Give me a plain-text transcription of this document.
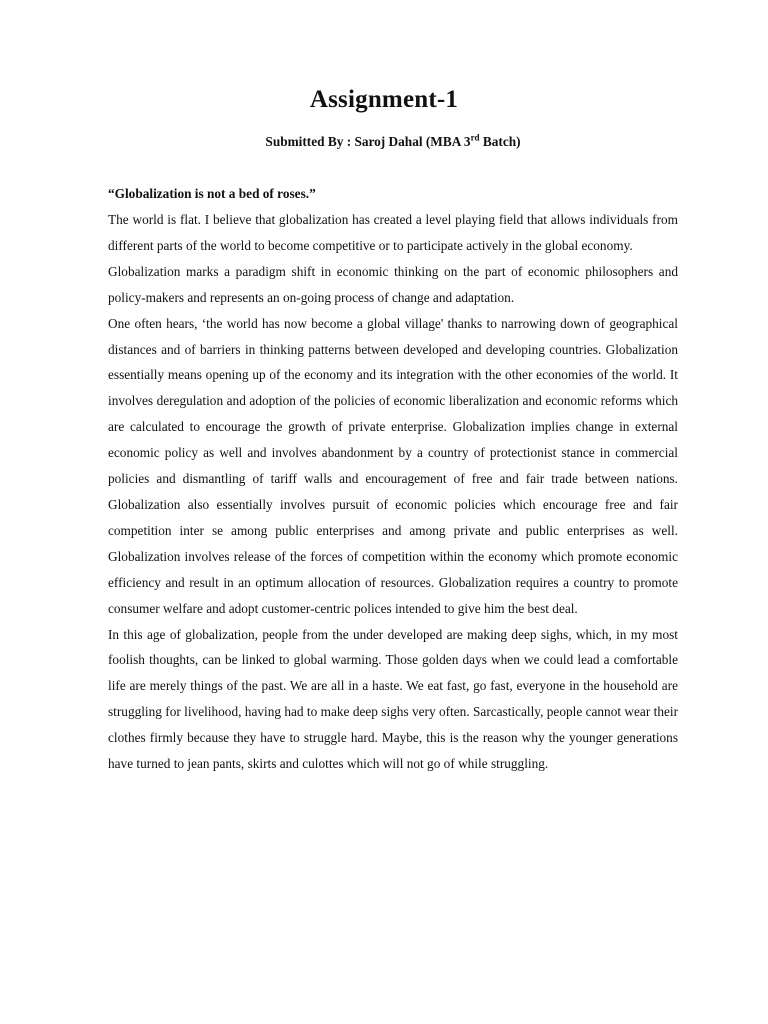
Assignment-1
Submitted By : Saroj Dahal (MBA 3rd Batch)

“Globalization is not a bed of roses.”

The world is flat. I believe that globalization has created a level playing field that allows individuals from different parts of the world to become competitive or to participate actively in the global economy.

Globalization marks a paradigm shift in economic thinking on the part of economic philosophers and policy-makers and represents an on-going process of change and adaptation.

One often hears, ‘the world has now become a global village' thanks to narrowing down of geographical distances and of barriers in thinking patterns between developed and developing countries. Globalization essentially means opening up of the economy and its integration with the other economies of the world. It involves deregulation and adoption of the policies of economic liberalization and economic reforms which are calculated to encourage the growth of private enterprise. Globalization implies change in external economic policy as well and involves abandonment by a country of protectionist stance in commercial policies and dismantling of tariff walls and encouragement of free and fair trade between nations. Globalization also essentially involves pursuit of economic policies which encourage free and fair competition inter se among public enterprises and among private and public enterprises as well. Globalization involves release of the forces of competition within the economy which promote economic efficiency and result in an optimum allocation of resources. Globalization requires a country to promote consumer welfare and adopt customer-centric polices intended to give him the best deal.

In this age of globalization, people from the under developed are making deep sighs, which, in my most foolish thoughts, can be linked to global warming. Those golden days when we could lead a comfortable life are merely things of the past. We are all in a haste. We eat fast, go fast, everyone in the household are struggling for livelihood, having had to make deep sighs very often. Sarcastically, people cannot wear their clothes firmly because they have to struggle hard. Maybe, this is the reason why the younger generations have turned to jean pants, skirts and culottes which will not go of while struggling.
